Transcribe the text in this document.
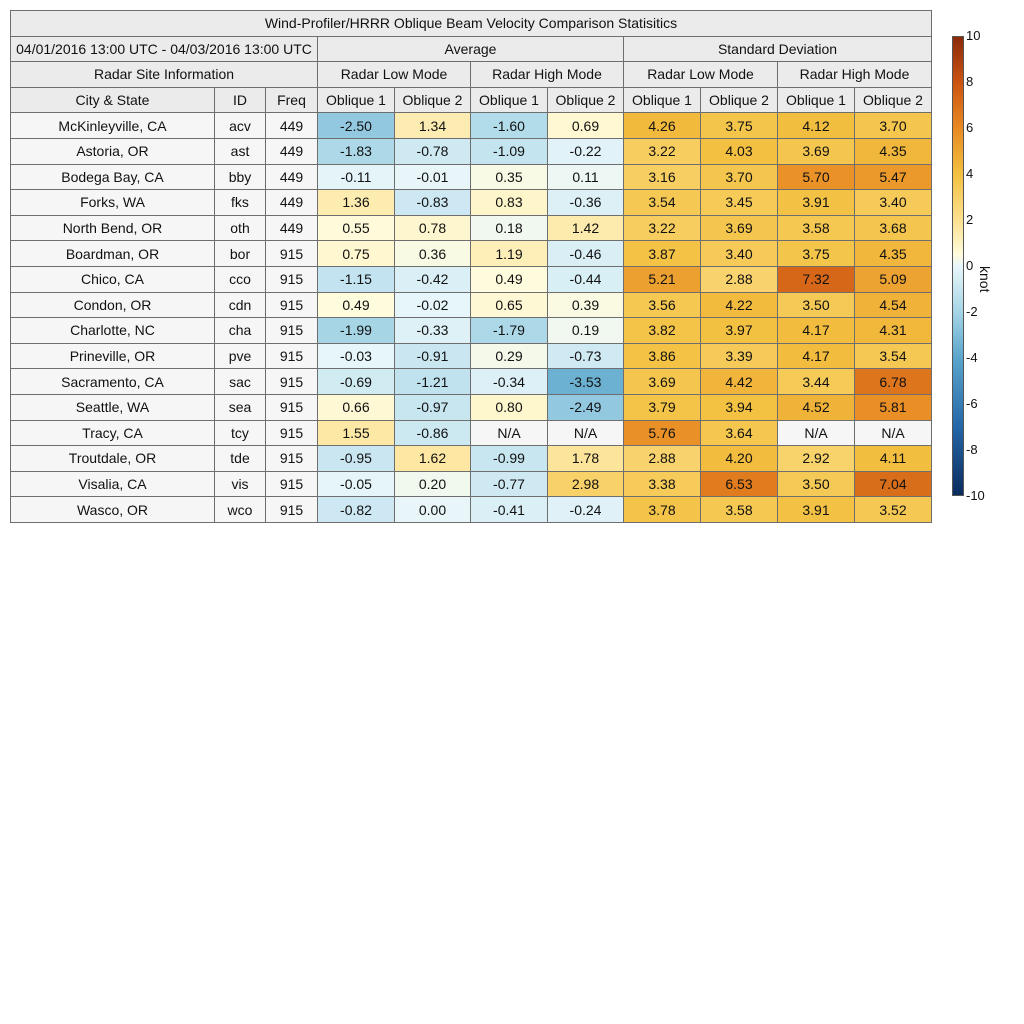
Wind-Profiler/HRRR Oblique Beam Velocity Comparison Statisitics										
04/01/2016 13:00 UTC - 04/03/2016 13:00 UTC			Average				Standard Deviation			
Radar Site Information			Radar Low Mode		Radar High Mode		Radar Low Mode		Radar High Mode	
City & State	ID	Freq	Oblique 1	Oblique 2	Oblique 1	Oblique 2	Oblique 1	Oblique 2	Oblique 1	Oblique 2
McKinleyville, CA	acv	449	-2.50	1.34	-1.60	0.69	4.26	3.75	4.12	3.70
Astoria, OR	ast	449	-1.83	-0.78	-1.09	-0.22	3.22	4.03	3.69	4.35
Bodega Bay, CA	bby	449	-0.11	-0.01	0.35	0.11	3.16	3.70	5.70	5.47
Forks, WA	fks	449	1.36	-0.83	0.83	-0.36	3.54	3.45	3.91	3.40
North Bend, OR	oth	449	0.55	0.78	0.18	1.42	3.22	3.69	3.58	3.68
Boardman, OR	bor	915	0.75	0.36	1.19	-0.46	3.87	3.40	3.75	4.35
Chico, CA	cco	915	-1.15	-0.42	0.49	-0.44	5.21	2.88	7.32	5.09
Condon, OR	cdn	915	0.49	-0.02	0.65	0.39	3.56	4.22	3.50	4.54
Charlotte, NC	cha	915	-1.99	-0.33	-1.79	0.19	3.82	3.97	4.17	4.31
Prineville, OR	pve	915	-0.03	-0.91	0.29	-0.73	3.86	3.39	4.17	3.54
Sacramento, CA	sac	915	-0.69	-1.21	-0.34	-3.53	3.69	4.42	3.44	6.78
Seattle, WA	sea	915	0.66	-0.97	0.80	-2.49	3.79	3.94	4.52	5.81
Tracy, CA	tcy	915	1.55	-0.86	N/A	N/A	5.76	3.64	N/A	N/A
Troutdale, OR	tde	915	-0.95	1.62	-0.99	1.78	2.88	4.20	2.92	4.11
Visalia, CA	vis	915	-0.05	0.20	-0.77	2.98	3.38	6.53	3.50	7.04
Wasco, OR	wco	915	-0.82	0.00	-0.41	-0.24	3.78	3.58	3.91	3.52
10
8
6
4
2
0
-2
-4
-6
-8
-10
knot
